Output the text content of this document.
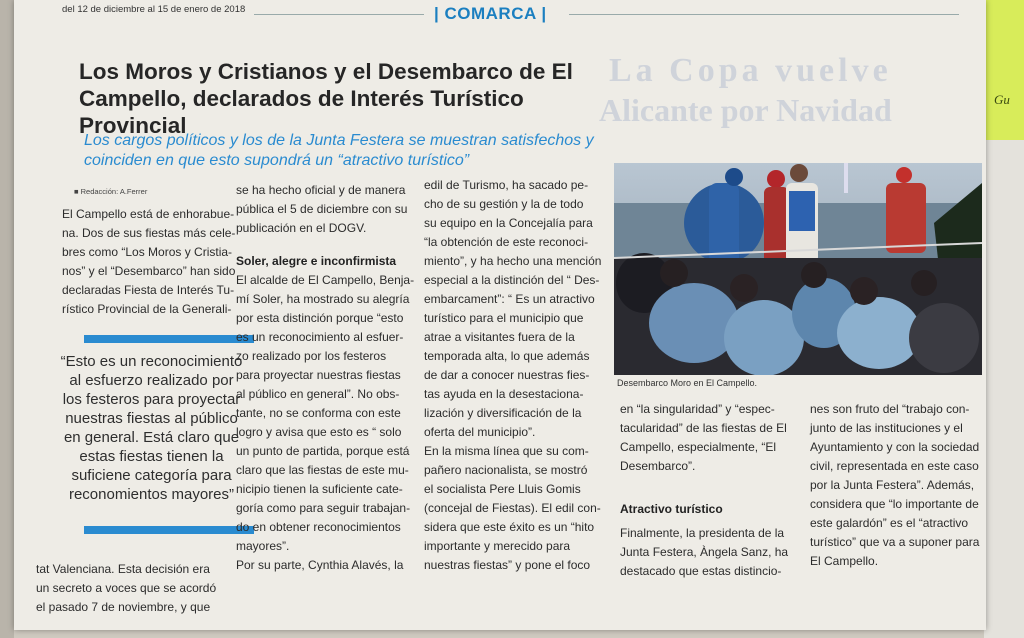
Gu
del 12 de diciembre al 15 de enero de 2018	| COMARCA |
La Copa vuelve
Alicante por Navidad
Los Moros y Cristianos y el Desembarco de El Campello, declarados de Interés Turístico Provincial
Los cargos políticos y los de la Junta Festera se muestran satisfechos y coinciden en que esto supondrá un “atractivo turístico”
■ Redacción: A.Ferrer

El Campello está de enhorabue-

na. Dos de sus fiestas más cele-

bres como “Los Moros y Cristia-

nos” y el “Desembarco” han sido

declaradas Fiesta de Interés Tu-

rístico Provincial de la Generali-

“Esto es un reconocimiento al esfuerzo realizado por los festeros para proyectar nuestras fiestas al público en general. Está claro que estas fiestas tienen la suficiene categoría para reconomientos mayores”

tat Valenciana. Esta decisión era

un secreto a voces que se acordó

el pasado 7 de noviembre, y que

se ha hecho oficial y de manera

pública el 5 de diciembre con su

publicación en el DOGV.

Soler, alegre e inconfirmista

El alcalde de El Campello, Benja-

mí Soler, ha mostrado su alegría

por esta distinción porque “esto

es un reconocimiento al esfuer-

zo realizado por los festeros

para proyectar nuestras fiestas

al público en general”. No obs-

tante, no se conforma con este

logro y avisa que esto es “ solo

un punto de partida, porque está

claro que las fiestas de este mu-

nicipio tienen la suficiente cate-

goría como para seguir trabajan-

do en obtener reconocimientos

mayores”.

Por su parte, Cynthia Alavés, la

edil de Turismo, ha sacado pe-

cho de su gestión y la de todo

su equipo en la Concejalía para

“la obtención de este reconoci-

miento”, y ha hecho una mención

especial a la distinción del “ Des-

embarcament”: “ Es un atractivo

turístico para el municipio que

atrae a visitantes fuera de la

temporada alta, lo que además

de dar a conocer nuestras fies-

tas ayuda en la desestaciona-

lización y diversificación de la

oferta del municipio”.

En la misma línea que su com-

pañero nacionalista, se mostró

el socialista Pere Lluis Gomis

(concejal de Fiestas). El edil con-

sidera que este éxito es un “hito

importante y merecido para

nuestras fiestas” y pone el foco

Desembarco Moro en El Campello.

en “la singularidad” y “espec-

tacularidad” de las fiestas de El

Campello, especialmente, “El

Desembarco”.

Atractivo turístico

Finalmente, la presidenta de la

Junta Festera, Àngela Sanz, ha

destacado que estas distincio-

nes son fruto del “trabajo con-

junto de las instituciones y el

Ayuntamiento y con la sociedad

civil, representada en este caso

por la Junta Festera”. Además,

considera que “lo importante de

este galardón” es el “atractivo

turístico” que va a suponer para

El Campello.
